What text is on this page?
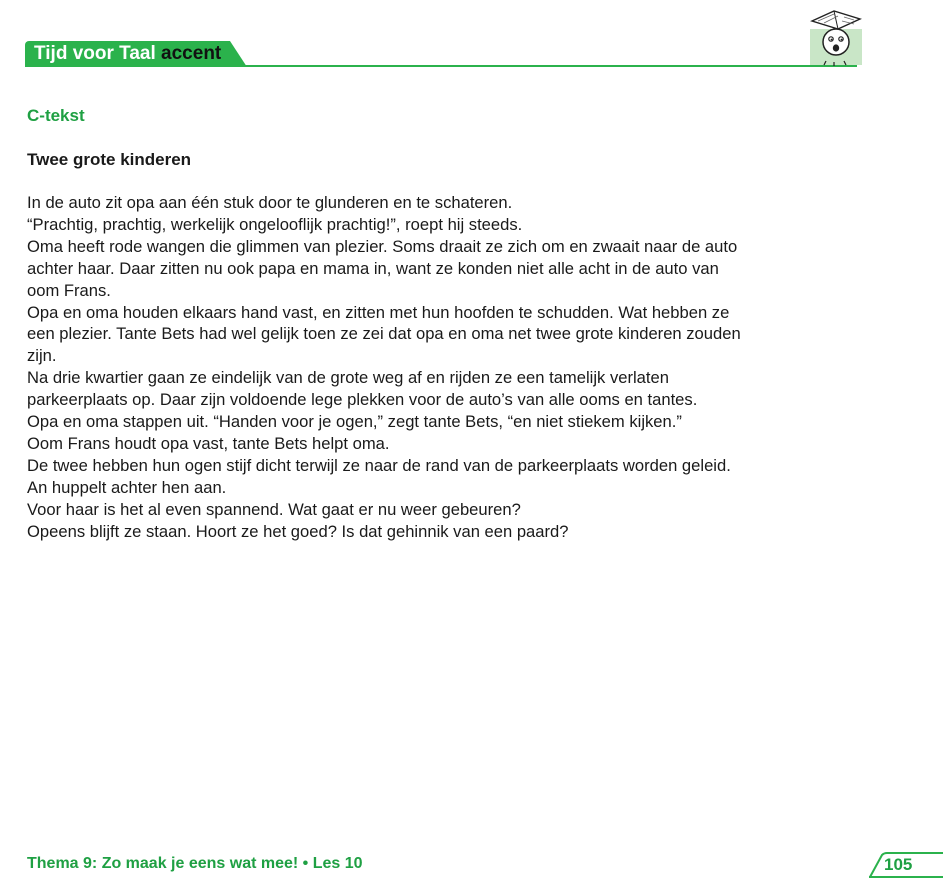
Tijd voor Taal accent
C-tekst
Twee grote kinderen
In de auto zit opa aan één stuk door te glunderen en te schateren.
“Prachtig, prachtig, werkelijk ongelooflijk prachtig!”, roept hij steeds.
Oma heeft rode wangen die glimmen van plezier. Soms draait ze zich om en zwaait naar de auto
achter haar. Daar zitten nu ook papa en mama in, want ze konden niet alle acht in de auto van
oom Frans.
Opa en oma houden elkaars hand vast, en zitten met hun hoofden te schudden. Wat hebben ze
een plezier. Tante Bets had wel gelijk toen ze zei dat opa en oma net twee grote kinderen zouden
zijn.
Na drie kwartier gaan ze eindelijk van de grote weg af en rijden ze een tamelijk verlaten
parkeerplaats op. Daar zijn voldoende lege plekken voor de auto’s van alle ooms en tantes.
Opa en oma stappen uit. “Handen voor je ogen,” zegt tante Bets, “en niet stiekem kijken.”
Oom Frans houdt opa vast, tante Bets helpt oma.
De twee hebben hun ogen stijf dicht terwijl ze naar de rand van de parkeerplaats worden geleid.
An huppelt achter hen aan.
Voor haar is het al even spannend. Wat gaat er nu weer gebeuren?
Opeens blijft ze staan. Hoort ze het goed? Is dat gehinnik van een paard?
Thema 9: Zo maak je eens wat mee! • Les 10	105
